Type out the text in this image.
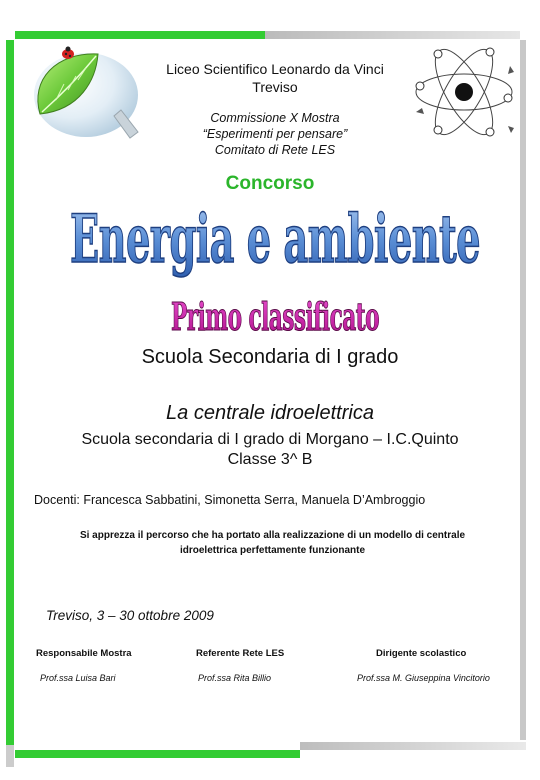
Liceo Scientifico Leonardo da Vinci
Treviso
Commissione X Mostra
“Esperimenti per pensare”
Comitato di Rete LES
Concorso
Energia e ambiente
Primo classificato
Scuola Secondaria di I grado
La centrale idroelettrica
Scuola secondaria di I grado di Morgano – I.C.Quinto
Classe 3^ B
Docenti: Francesca Sabbatini, Simonetta Serra, Manuela D’Ambroggio
Si apprezza il percorso che ha portato alla realizzazione di un modello di centrale
idroelettrica perfettamente funzionante
Treviso, 3 – 30 ottobre 2009
Responsabile Mostra	Referente Rete LES	Dirigente scolastico
Prof.ssa Luisa Bari	Prof.ssa Rita Billio	Prof.ssa M. Giuseppina Vincitorio
